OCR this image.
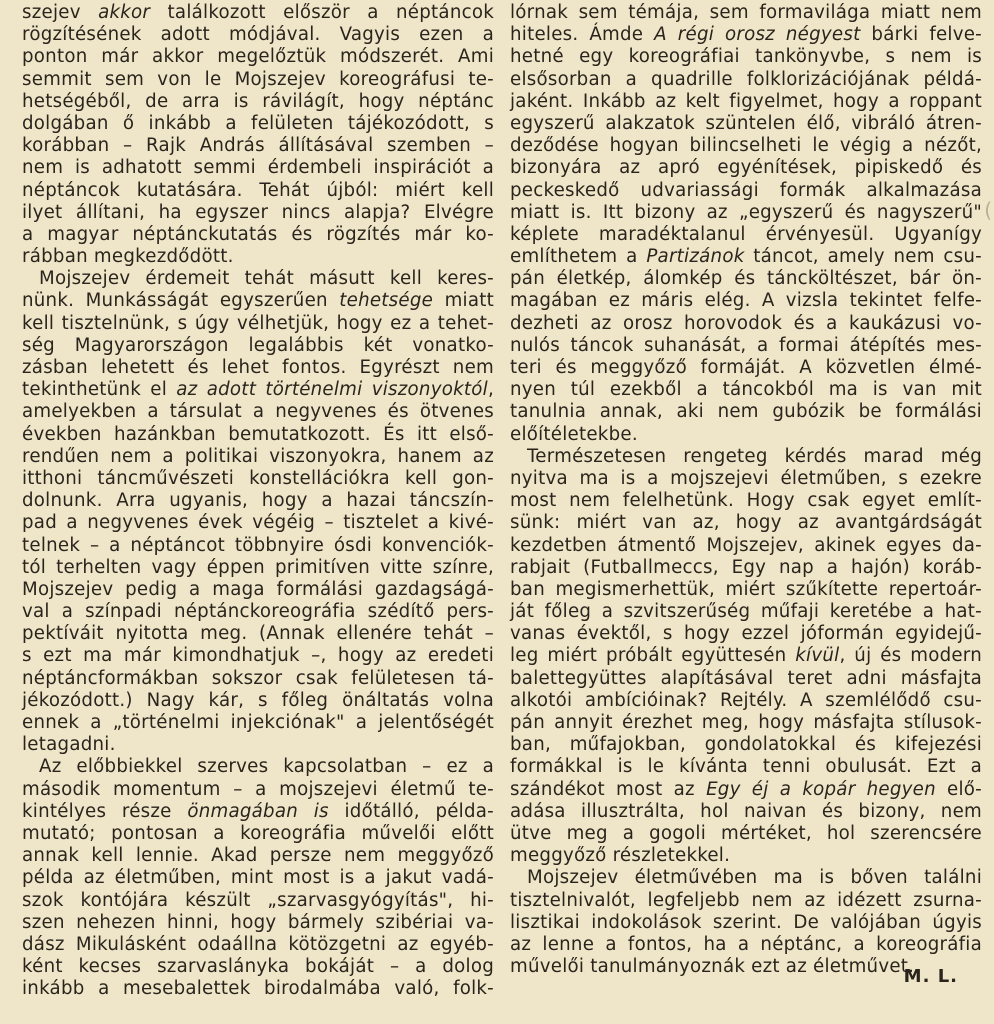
szejev akkor találkozott először a néptáncok
rögzítésének adott módjával. Vagyis ezen a
ponton már akkor megelőztük módszerét. Ami
semmit sem von le Mojszejev koreográfusi te-
hetségéből, de arra is rávilágít, hogy néptánc
dolgában ő inkább a felületen tájékozódott, s
korábban – Rajk András állításával szemben –
nem is adhatott semmi érdembeli inspirációt a
néptáncok kutatására. Tehát újból: miért kell
ilyet állítani, ha egyszer nincs alapja? Elvégre
a magyar néptánckutatás és rögzítés már ko-
rábban megkezdődött.
Mojszejev érdemeit tehát másutt kell keres-
nünk. Munkásságát egyszerűen tehetsége miatt
kell tisztelnünk, s úgy vélhetjük, hogy ez a tehet-
ség Magyarországon legalábbis két vonatko-
zásban lehetett és lehet fontos. Egyrészt nem
tekinthetünk el az adott történelmi viszonyoktól,
amelyekben a társulat a negyvenes és ötvenes
években hazánkban bemutatkozott. És itt első-
rendűen nem a politikai viszonyokra, hanem az
itthoni táncművészeti konstellációkra kell gon-
dolnunk. Arra ugyanis, hogy a hazai táncszín-
pad a negyvenes évek végéig – tisztelet a kivé-
telnek – a néptáncot többnyire ósdi konvenciók-
tól terhelten vagy éppen primitíven vitte színre,
Mojszejev pedig a maga formálási gazdagságá-
val a színpadi néptánckoreográfia szédítő pers-
pektíváit nyitotta meg. (Annak ellenére tehát –
s ezt ma már kimondhatjuk –, hogy az eredeti
néptáncformákban sokszor csak felületesen tá-
jékozódott.) Nagy kár, s főleg önáltatás volna
ennek a „történelmi injekciónak" a jelentőségét
letagadni.
Az előbbiekkel szerves kapcsolatban – ez a
második momentum – a mojszejevi életmű te-
kintélyes része önmagában is időtálló, példa-
mutató; pontosan a koreográfia művelői előtt
annak kell lennie. Akad persze nem meggyőző
példa az életműben, mint most is a jakut vadá-
szok kontójára készült „szarvasgyógyítás", hi-
szen nehezen hinni, hogy bármely szibériai va-
dász Mikulásként odaállna kötözgetni az egyéb-
ként kecses szarvaslányka bokáját – a dolog
inkább a mesebalettek birodalmába való, folk-
lórnak sem témája, sem formavilága miatt nem
hiteles. Ámde A régi orosz négyest bárki felve-
hetné egy koreográfiai tankönyvbe, s nem is
elsősorban a quadrille folklorizációjának példá-
jaként. Inkább az kelt figyelmet, hogy a roppant
egyszerű alakzatok szüntelen élő, vibráló átren-
deződése hogyan bilincselheti le végig a nézőt,
bizonyára az apró egyénítések, pipiskedő és
peckeskedő udvariassági formák alkalmazása
miatt is. Itt bizony az „egyszerű és nagyszerű"
képlete maradéktalanul érvényesül. Ugyanígy
említhetem a Partizánok táncot, amely nem csu-
pán életkép, álomkép és táncköltészet, bár ön-
magában ez máris elég. A vizsla tekintet felfe-
dezheti az orosz horovodok és a kaukázusi vo-
nulós táncok suhanását, a formai átépítés mes-
teri és meggyőző formáját. A közvetlen élmé-
nyen túl ezekből a táncokból ma is van mit
tanulnia annak, aki nem gubózik be formálási
előítéletekbe.
Természetesen rengeteg kérdés marad még
nyitva ma is a mojszejevi életműben, s ezekre
most nem felelhetünk. Hogy csak egyet említ-
sünk: miért van az, hogy az avantgárdságát
kezdetben átmentő Mojszejev, akinek egyes da-
rabjait (Futballmeccs, Egy nap a hajón) koráb-
ban megismerhettük, miért szűkítette repertoár-
ját főleg a szvitszerűség műfaji keretébe a hat-
vanas évektől, s hogy ezzel jóformán egyidejű-
leg miért próbált együttesén kívül, új és modern
balettegyüttes alapításával teret adni másfajta
alkotói ambícióinak? Rejtély. A szemlélődő csu-
pán annyit érezhet meg, hogy másfajta stílusok-
ban, műfajokban, gondolatokkal és kifejezési
formákkal is le kívánta tenni obulusát. Ezt a
szándékot most az Egy éj a kopár hegyen elő-
adása illusztrálta, hol naivan és bizony, nem
ütve meg a gogoli mértéket, hol szerencsére
meggyőző részletekkel.
Mojszejev életművében ma is bőven találni
tisztelnivalót, legfeljebb nem az idézett zsurna-
lisztikai indokolások szerint. De valójában úgyis
az lenne a fontos, ha a néptánc, a koreográfia
művelői tanulmányoznák ezt az életművet.
M. L.
(
